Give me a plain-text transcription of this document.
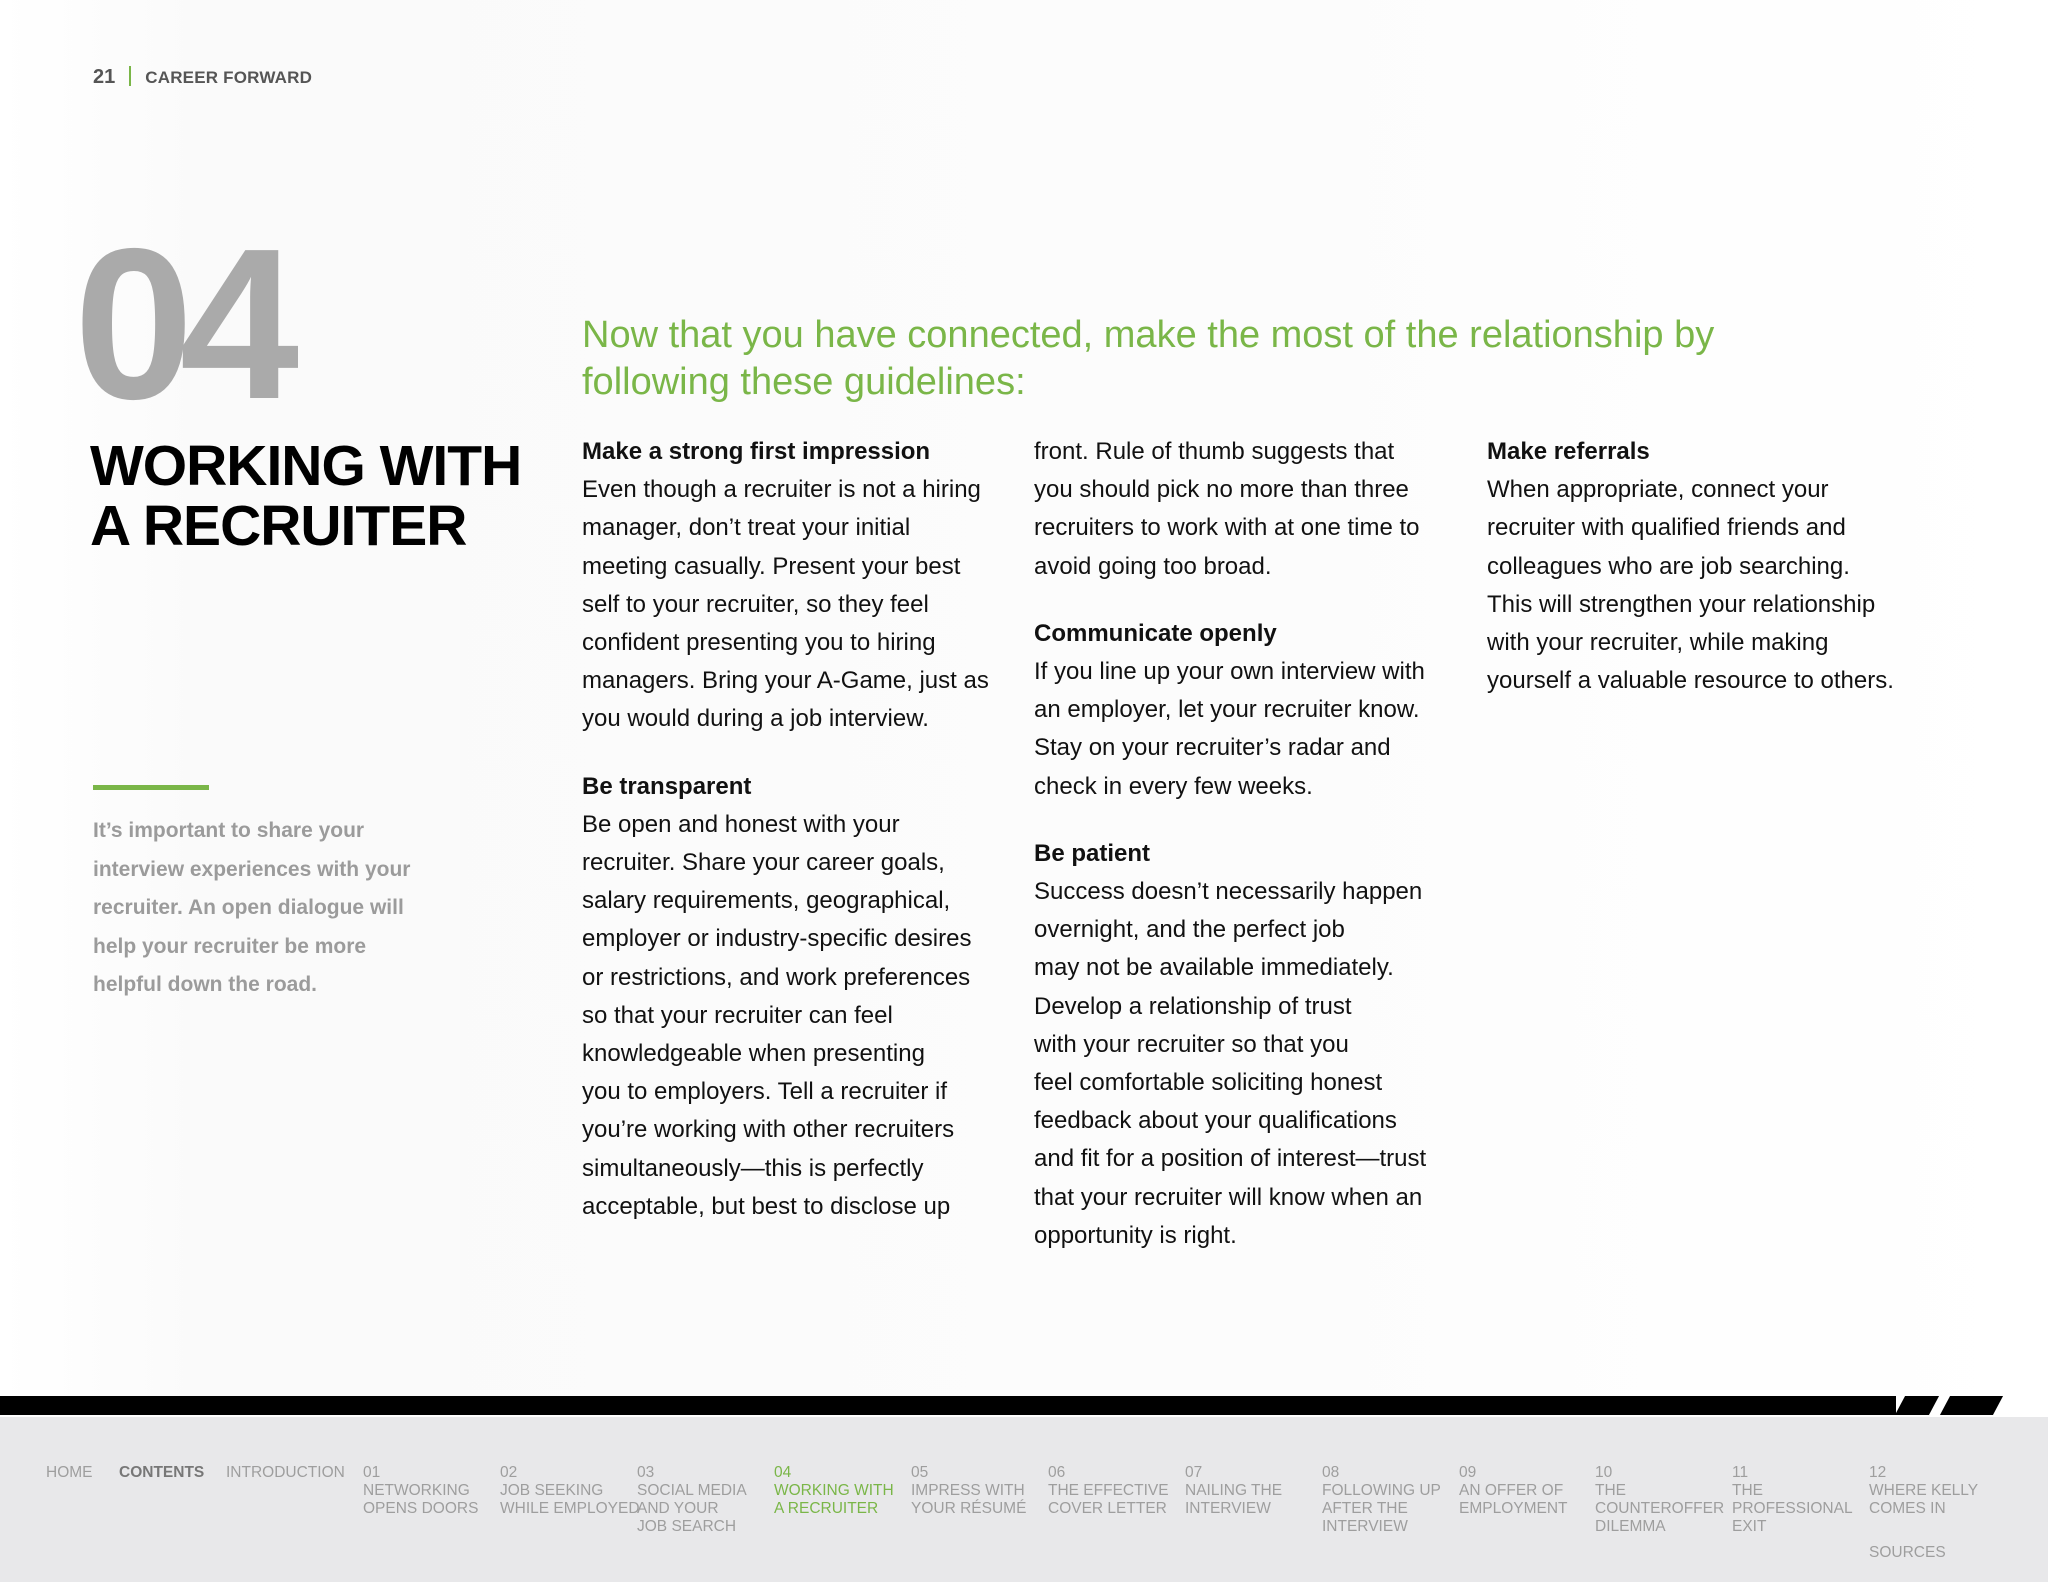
21 CAREER FORWARD
04
WORKING WITH
A RECRUITER
It’s important to share your interview experiences with your recruiter. An open dialogue will help your recruiter be more helpful down the road.
Now that you have connected, make the most of the relationship by following these guidelines:
Make a strong first impression
Even though a recruiter is not a hiring
manager, don’t treat your initial
meeting casually. Present your best
self to your recruiter, so they feel
confident presenting you to hiring
managers. Bring your A-Game, just as
you would during a job interview.
Be transparent
Be open and honest with your
recruiter. Share your career goals,
salary requirements, geographical,
employer or industry-specific desires
or restrictions, and work preferences
so that your recruiter can feel
knowledgeable when presenting
you to employers. Tell a recruiter if
you’re working with other recruiters
simultaneously—this is perfectly
acceptable, but best to disclose up
front. Rule of thumb suggests that
you should pick no more than three
recruiters to work with at one time to
avoid going too broad.
Communicate openly
If you line up your own interview with
an employer, let your recruiter know.
Stay on your recruiter’s radar and
check in every few weeks.
Be patient
Success doesn’t necessarily happen
overnight, and the perfect job
may not be available immediately.
Develop a relationship of trust
with your recruiter so that you
feel comfortable soliciting honest
feedback about your qualifications
and fit for a position of interest—trust
that your recruiter will know when an
opportunity is right.
Make referrals
When appropriate, connect your
recruiter with qualified friends and
colleagues who are job searching.
This will strengthen your relationship
with your recruiter, while making
yourself a valuable resource to others.
HOME CONTENTS INTRODUCTION 01
NETWORKING
OPENS DOORS
02
JOB SEEKING
WHILE EMPLOYED
03
SOCIAL MEDIA
AND YOUR
JOB SEARCH
04
WORKING WITH
A RECRUITER
05
IMPRESS WITH
YOUR RÉSUMÉ
06
THE EFFECTIVE
COVER LETTER
07
NAILING THE
INTERVIEW
08
FOLLOWING UP
AFTER THE
INTERVIEW
09
AN OFFER OF
EMPLOYMENT
10
THE
COUNTEROFFER
DILEMMA
11
THE
PROFESSIONAL
EXIT
12
WHERE KELLY
COMES IN
SOURCES
